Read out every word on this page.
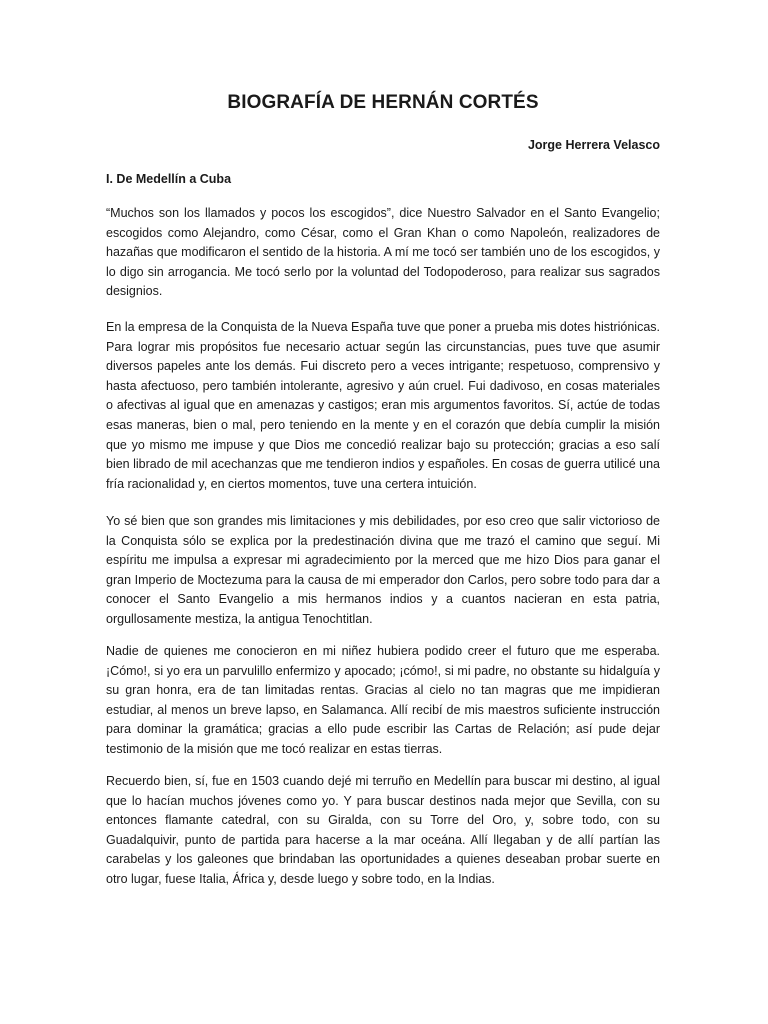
BIOGRAFÍA DE HERNÁN CORTÉS

Jorge Herrera Velasco

I. De Medellín a Cuba

“Muchos son los llamados y pocos los escogidos”, dice Nuestro Salvador en el Santo Evangelio; escogidos como Alejandro, como César, como el Gran Khan o como Napoleón, realizadores de hazañas que modificaron el sentido de la historia. A mí me tocó ser también uno de los escogidos, y lo digo sin arrogancia. Me tocó serlo por la voluntad del Todopoderoso, para realizar sus sagrados designios.

En la empresa de la Conquista de la Nueva España tuve que poner a prueba mis dotes histriónicas. Para lograr mis propósitos fue necesario actuar según las circunstancias, pues tuve que asumir diversos papeles ante los demás. Fui discreto pero a veces intrigante; respetuoso, comprensivo y hasta afectuoso, pero también intolerante, agresivo y aún cruel. Fui dadivoso, en cosas materiales o afectivas al igual que en amenazas y castigos; eran mis argumentos favoritos. Sí, actúe de todas esas maneras, bien o mal, pero teniendo en la mente y en el corazón que debía cumplir la misión que yo mismo me impuse y que Dios me concedió realizar bajo su protección; gracias a eso salí bien librado de mil acechanzas que me tendieron indios y españoles. En cosas de guerra utilicé una fría racionalidad y, en ciertos momentos, tuve una certera intuición.

Yo sé bien que son grandes mis limitaciones y mis debilidades, por eso creo que salir victorioso de la Conquista sólo se explica por la predestinación divina que me trazó el camino que seguí. Mi espíritu me impulsa a expresar mi agradecimiento por la merced que me hizo Dios para ganar el gran Imperio de Moctezuma para la causa de mi emperador don Carlos, pero sobre todo para dar a conocer el Santo Evangelio a mis hermanos indios y a cuantos nacieran en esta patria, orgullosamente mestiza, la antigua Tenochtitlan.

Nadie de quienes me conocieron en mi niñez hubiera podido creer el futuro que me esperaba. ¡Cómo!, si yo era un parvulillo enfermizo y apocado; ¡cómo!, si mi padre, no obstante su hidalguía y su gran honra, era de tan limitadas rentas. Gracias al cielo no tan magras que me impidieran estudiar, al menos un breve lapso, en Salamanca. Allí recibí de mis maestros suficiente instrucción para dominar la gramática; gracias a ello pude escribir las Cartas de Relación; así pude dejar testimonio de la misión que me tocó realizar en estas tierras.

Recuerdo bien, sí, fue en 1503 cuando dejé mi terruño en Medellín para buscar mi destino, al igual que lo hacían muchos jóvenes como yo. Y para buscar destinos nada mejor que Sevilla, con su entonces flamante catedral, con su Giralda, con su Torre del Oro, y, sobre todo, con su Guadalquivir, punto de partida para hacerse a la mar oceána. Allí llegaban y de allí partían las carabelas y los galeones que brindaban las oportunidades a quienes deseaban probar suerte en otro lugar, fuese Italia, África y, desde luego y sobre todo, en la Indias.
